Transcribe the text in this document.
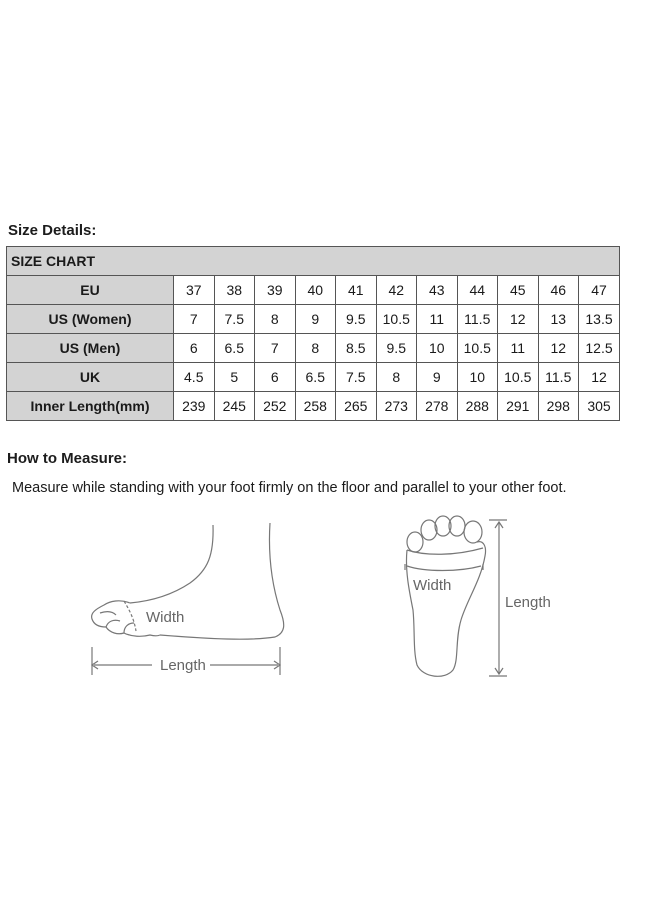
Size Details:
SIZE CHART
EU	37	38	39	40	41	42	43	44	45	46	47
US (Women)	7	7.5	8	9	9.5	10.5	11	11.5	12	13	13.5
US (Men)	6	6.5	7	8	8.5	9.5	10	10.5	11	12	12.5
UK	4.5	5	6	6.5	7.5	8	9	10	10.5	11.5	12
Inner Length(mm)	239	245	252	258	265	273	278	288	291	298	305
How to Measure:
Measure while standing with your foot firmly on the floor and parallel to your other foot.
Width
Length
Width
Length
